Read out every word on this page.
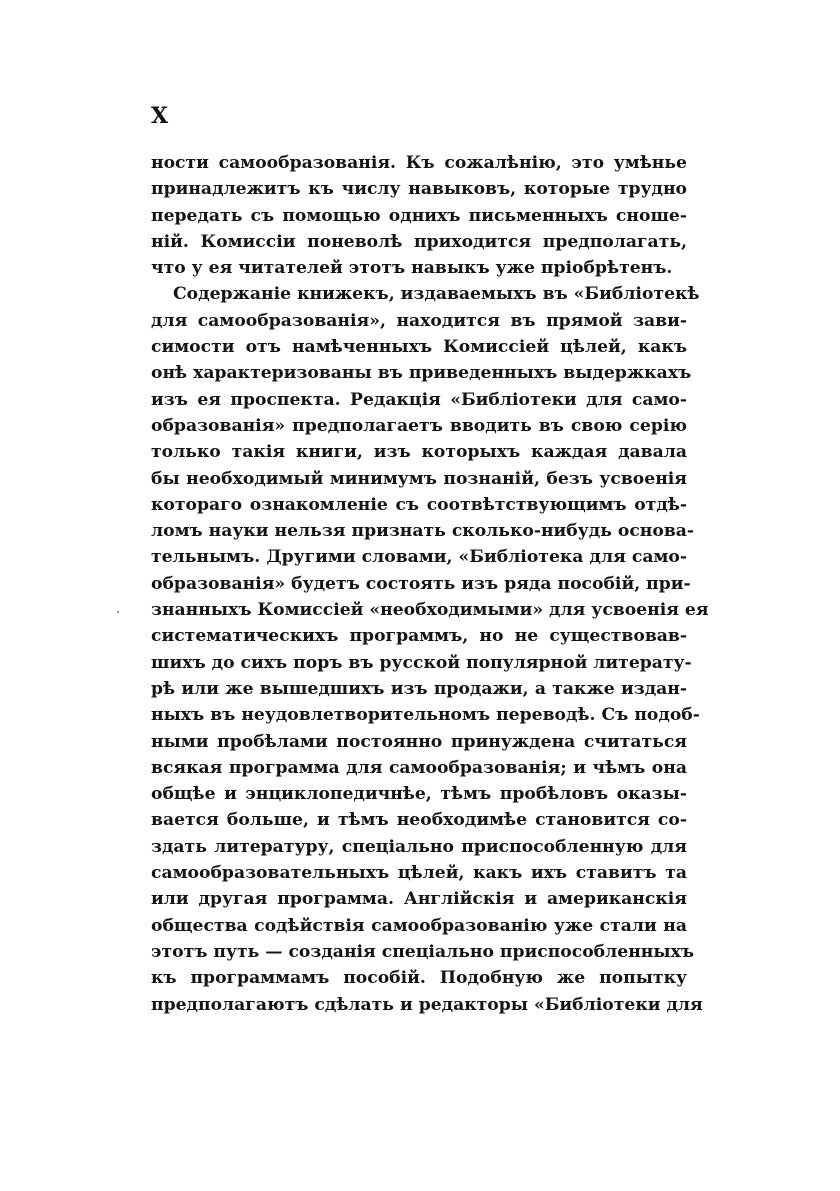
X
ности самообразованія. Къ сожалѣнію, это умѣнье
принадлежитъ къ числу навыковъ, которые трудно
передать съ помощью однихъ письменныхъ сноше-
ній. Комиссіи поневолѣ приходится предполагать,
что у ея читателей этотъ навыкъ уже пріобрѣтенъ.
Содержаніе книжекъ, издаваемыхъ въ «Библіотекѣ
для самообразованія», находится въ прямой зави-
симости отъ намѣченныхъ Комиссіей цѣлей, какъ
онѣ характеризованы въ приведенныхъ выдержкахъ
изъ ея проспекта. Редакція «Библіотеки для само-
образованія» предполагаетъ вводить въ свою серію
только такія книги, изъ которыхъ каждая давала
бы необходимый минимумъ познаній, безъ усвоенія
котораго ознакомленіе съ соотвѣтствующимъ отдѣ-
ломъ науки нельзя признать сколько-нибудь основа-
тельнымъ. Другими словами, «Библіотека для само-
образованія» будетъ состоять изъ ряда пособій, при-
знанныхъ Комиссіей «необходимыми» для усвоенія ея
систематическихъ программъ, но не существовав-
шихъ до сихъ поръ въ русской популярной литерату-
рѣ или же вышедшихъ изъ продажи, а также издан-
ныхъ въ неудовлетворительномъ переводѣ. Съ подоб-
ными пробѣлами постоянно принуждена считаться
всякая программа для самообразованія; и чѣмъ она
общѣе и энциклопедичнѣе, тѣмъ пробѣловъ оказы-
вается больше, и тѣмъ необходимѣе становится со-
здать литературу, спеціально приспособленную для
самообразовательныхъ цѣлей, какъ ихъ ставитъ та
или другая программа. Англійскія и американскія
общества содѣйствія самообразованію уже стали на
этотъ путь — созданія спеціально приспособленныхъ
къ программамъ пособій. Подобную же попытку
предполагаютъ сдѣлать и редакторы «Библіотеки для
